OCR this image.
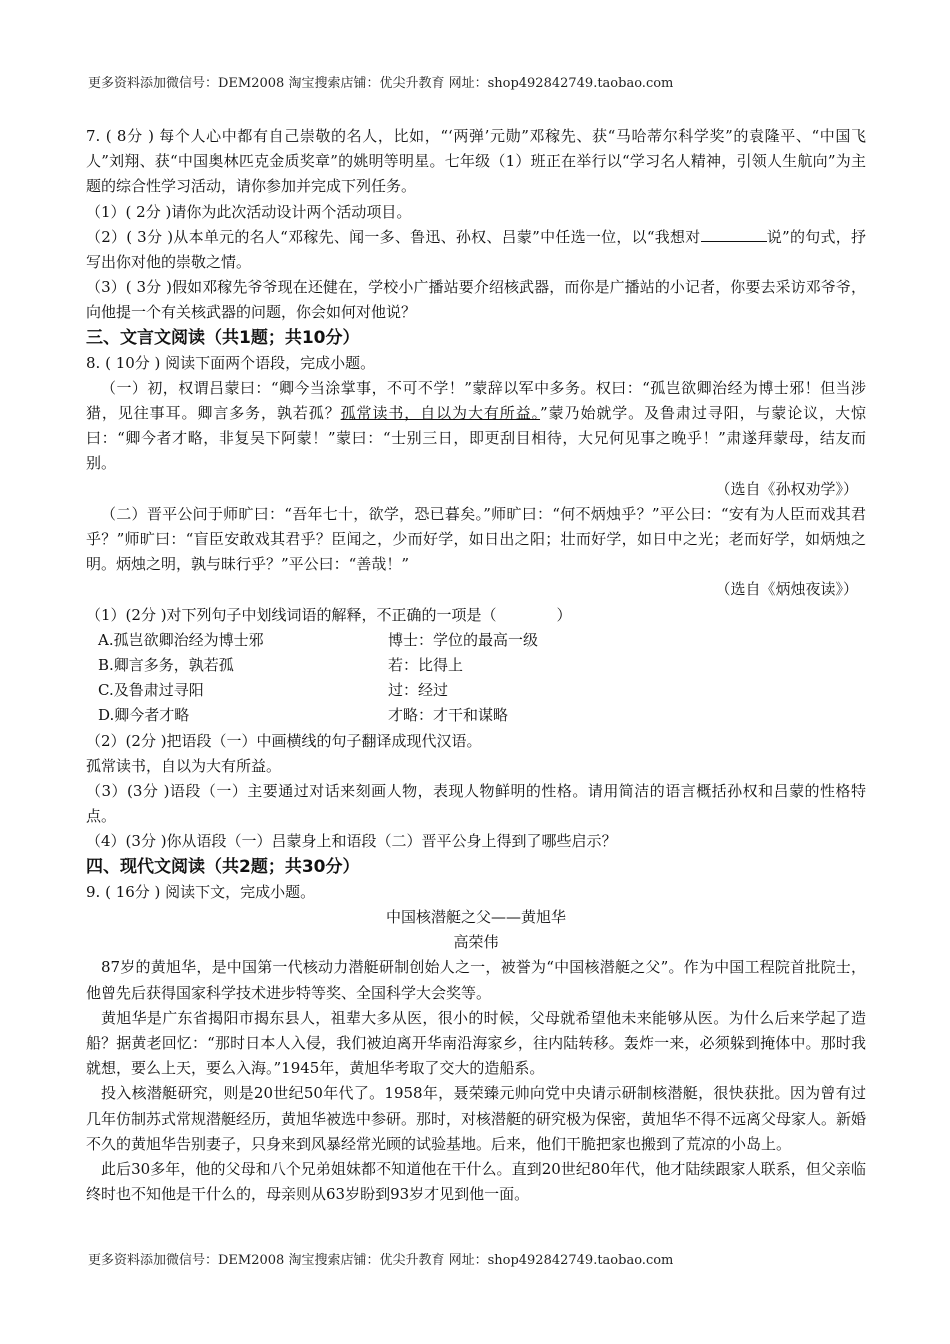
更多资料添加微信号：DEM2008 淘宝搜索店铺：优尖升教育 网址：shop492842749.taobao.com

7. ( 8分 ) 每个人心中都有自己崇敬的名人，比如，“‘两弹’元勋”邓稼先、获“马哈蒂尔科学奖”的袁隆平、“中国飞人”刘翔、获“中国奥林匹克金质奖章”的姚明等明星。七年级（1）班正在举行以“学习名人精神，引领人生航向”为主题的综合性学习活动，请你参加并完成下列任务。

（1）( 2分 )请你为此次活动设计两个活动项目。

（2）( 3分 )从本单元的名人“邓稼先、闻一多、鲁迅、孙权、吕蒙”中任选一位，以“我想对	说”的句式，抒写出你对他的崇敬之情。

（3）( 3分 )假如邓稼先爷爷现在还健在，学校小广播站要介绍核武器，而你是广播站的小记者，你要去采访邓爷爷，向他提一个有关核武器的问题，你会如何对他说？

三、文言文阅读（共1题；共10分）

8. ( 10分 ) 阅读下面两个语段，完成小题。

（一）初，权谓吕蒙曰：“卿今当涂掌事，不可不学！”蒙辞以军中多务。权曰：“孤岂欲卿治经为博士邪！但当涉猎，见往事耳。卿言多务，孰若孤？孤常读书，自以为大有所益。”蒙乃始就学。及鲁肃过寻阳，与蒙论议，大惊曰：“卿今者才略，非复吴下阿蒙！”蒙曰：“士别三日，即更刮目相待，大兄何见事之晚乎！”肃遂拜蒙母，结友而别。

（选自《孙权劝学》）

（二）晋平公问于师旷曰：“吾年七十，欲学，恐已暮矣。”师旷曰：“何不炳烛乎？”平公曰：“安有为人臣而戏其君乎？”师旷曰：“盲臣安敢戏其君乎？臣闻之，少而好学，如日出之阳；壮而好学，如日中之光；老而好学，如炳烛之明。炳烛之明，孰与昧行乎？”平公曰：“善哉！”

（选自《炳烛夜读》）

（1）(2分 )对下列句子中划线词语的解释，不正确的一项是（　　　　）

A.孤岂欲卿治经为博士邪	博士：学位的最高一级
B.卿言多务，孰若孤	若：比得上
C.及鲁肃过寻阳	过：经过
D.卿今者才略	才略：才干和谋略

（2）(2分 )把语段（一）中画横线的句子翻译成现代汉语。

孤常读书，自以为大有所益。

（3）(3分 )语段（一）主要通过对话来刻画人物，表现人物鲜明的性格。请用简洁的语言概括孙权和吕蒙的性格特点。

（4）(3分 )你从语段（一）吕蒙身上和语段（二）晋平公身上得到了哪些启示？

四、现代文阅读（共2题；共30分）

9. ( 16分 ) 阅读下文，完成小题。

中国核潜艇之父——黄旭华

高荣伟

87岁的黄旭华，是中国第一代核动力潜艇研制创始人之一，被誉为“中国核潜艇之父”。作为中国工程院首批院士，他曾先后获得国家科学技术进步特等奖、全国科学大会奖等。

黄旭华是广东省揭阳市揭东县人，祖辈大多从医，很小的时候，父母就希望他未来能够从医。为什么后来学起了造船？据黄老回忆：“那时日本人入侵，我们被迫离开华南沿海家乡，往内陆转移。轰炸一来，必须躲到掩体中。那时我就想，要么上天，要么入海。”1945年，黄旭华考取了交大的造船系。

投入核潜艇研究，则是20世纪50年代了。1958年，聂荣臻元帅向党中央请示研制核潜艇，很快获批。因为曾有过几年仿制苏式常规潜艇经历，黄旭华被选中参研。那时，对核潜艇的研究极为保密，黄旭华不得不远离父母家人。新婚不久的黄旭华告别妻子，只身来到风暴经常光顾的试验基地。后来，他们干脆把家也搬到了荒凉的小岛上。

此后30多年，他的父母和八个兄弟姐妹都不知道他在干什么。直到20世纪80年代，他才陆续跟家人联系，但父亲临终时也不知他是干什么的，母亲则从63岁盼到93岁才见到他一面。

更多资料添加微信号：DEM2008 淘宝搜索店铺：优尖升教育 网址：shop492842749.taobao.com
